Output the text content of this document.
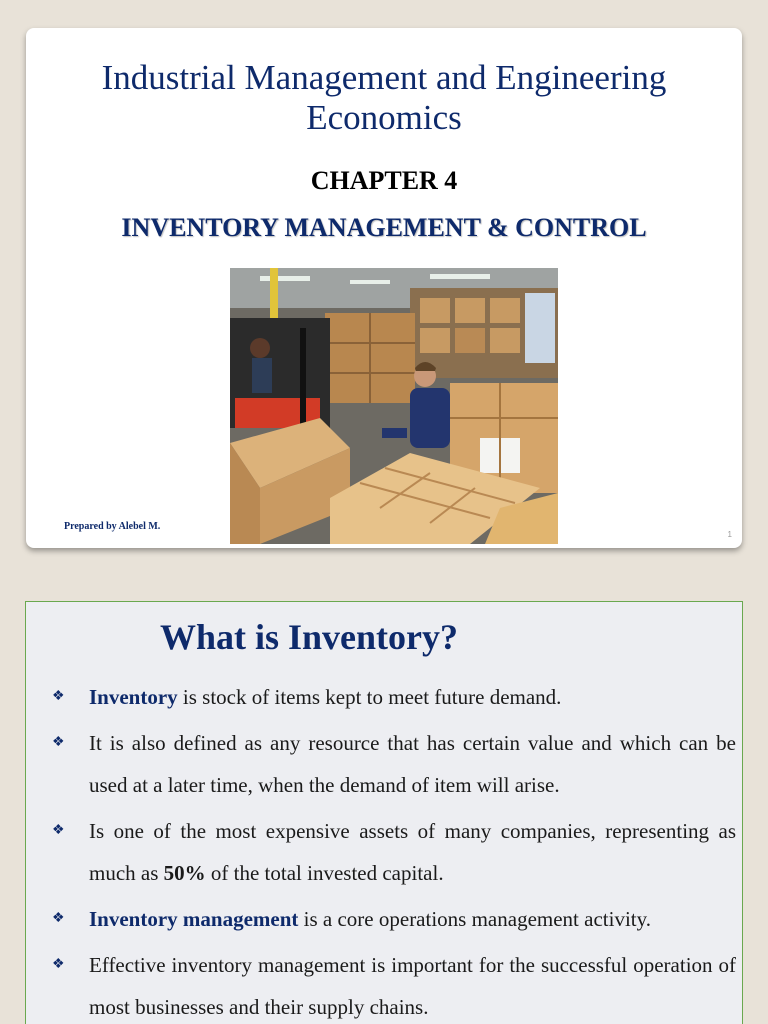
Industrial Management and Engineering Economics
CHAPTER 4
INVENTORY MANAGEMENT & CONTROL
Prepared by Alebel M.
1
What is Inventory?
❖ Inventory is stock of items kept to meet future demand.
❖ It is also defined as any resource that has certain value and which can be used at a later time, when the demand of item will arise.
❖ Is one of the most expensive assets of many companies, representing as much as 50% of the total invested capital.
❖ Inventory management is a core operations management activity.
❖ Effective inventory management is important for the successful operation of most businesses and their supply chains.
